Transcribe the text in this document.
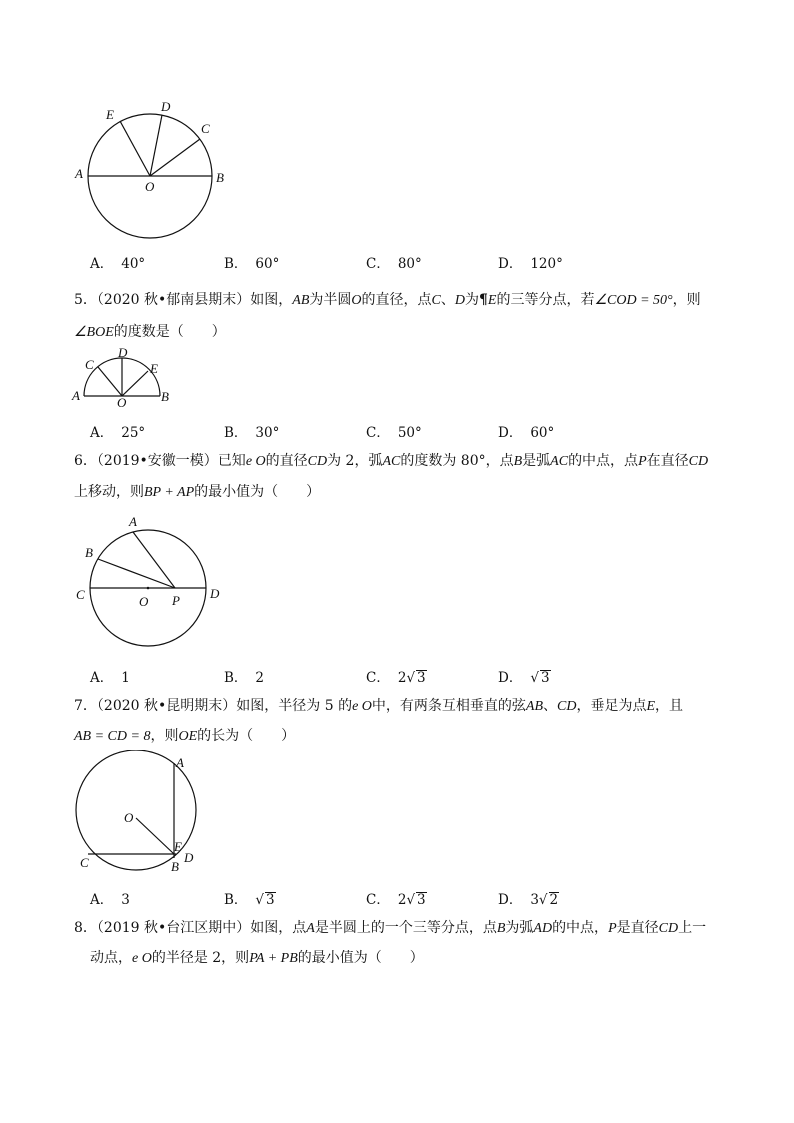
A	B
C
D
E
O
A． 40°	B． 60°	C． 80°	D． 120°
5．（2020 秋•郁南县期末）如图，AB为半圆O的直径，点C、D为¶E的三等分点，若∠COD = 50°，则
∠BOE的度数是（　　）
A	B
C
D
E
O
A． 25°	B． 30°	C． 50°	D． 60°
6．（2019•安徽一模）已知e O的直径CD为 2，弧AC的度数为 80°，点B是弧AC的中点，点P在直径CD
上移动，则BP + AP的最小值为（　　）
A
B
C	D
O P
A． 1	B． 2	C． 2√ 3	D． √ 3
7．（2020 秋•昆明期末）如图，半径为 5 的e O中，有两条互相垂直的弦AB、CD，垂足为点E，且
AB = CD = 8，则OE的长为（　　）
A
B
C	D
E
O
A． 3	B． √ 3	C． 2√ 3	D． 3√ 2
8．（2019 秋•台江区期中）如图，点A是半圆上的一个三等分点，点B为弧AD的中点，P是直径CD上一
动点，e O的半径是 2，则PA + PB的最小值为（　　）
